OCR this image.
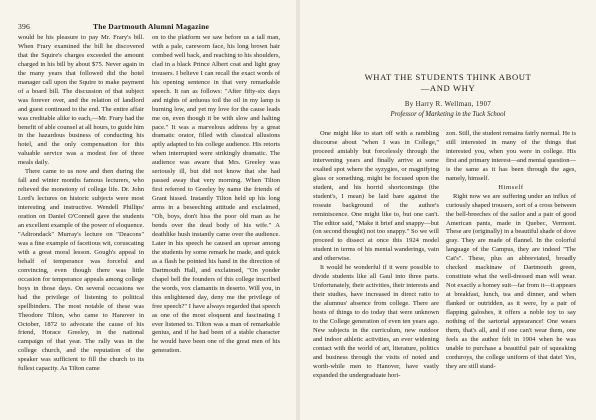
396	The Dartmouth Alumni Magazine

would be his pleasure to pay Mr. Frary's bill. When Frary examined the bill he discovered that the Squire's charges exceeded the amount charged in his bill by about $75. Never again in the many years that followed did the hotel manager call upon the Squire to make payment of a board bill. The discussion of that subject was forever over, and the relation of landlord and guest continued to the end. The entire affair was creditable alike to each,—Mr. Frary had the benefit of able counsel at all hours, to guide him in the hazardous business of conducting his hotel, and the only compensation for this valuable service was a modest fee of three meals daily.

There came to us now and then during the fall and winter months famous lecturers, who relieved the monotony of college life. Dr. John Lord's lectures on historic subjects were most interesting and instructive. Wendell Phillips' oration on Daniel O'Connell gave the students an excellent example of the power of eloquence. "Adirondack" Murray's lecture on "Deacons" was a fine example of facetious wit, coruscating with a great moral lesson. Gough's appeal in behalf of temperance was forceful and convincing, even though there was little occasion for temperance appeals among college boys in those days. On several occasions we had the privilege of listening to political spellbinders. The most notable of these was Theodore Tilton, who came to Hanover in October, 1872 to advocate the cause of his friend, Horace Greeley, in the national campaign of that year. The rally was in the college church, and the reputation of the speaker was sufficient to fill the church to its fullest capacity. As Tilton came

on to the platform we saw before us a tall man, with a pale, careworn face, his long brown hair combed well back, and reaching to his shoulders, clad in a black Prince Albert coat and light gray trousers. I believe I can recall the exact words of his opening sentence in that very remarkable speech. It ran as follows: "After fifty-six days and nights of arduous toil the oil in my lamp is burning low, and yet my love for the cause leads me on, even though it be with slow and halting pace." It was a marvelous address by a great dramatic orator, filled with classical allusions aptly adapted to his college audience. His retorts when interrupted were strikingly dramatic. The audience was aware that Mrs. Greeley was seriously ill, but did not know that she had passed away that very morning. When Tilton first referred to Greeley by name the friends of Grant hissed. Instantly Tilton held up his long arms in a beseeching attitude and exclaimed, "Oh, boys, don't hiss the poor old man as he bends over the dead body of his wife." A deathlike hush instantly came over the audience. Later in his speech he caused an uproar among the students by some remark he made, and quick as a flash he pointed his hand in the direction of Dartmouth Hall, and exclaimed, "On yonder chapel bell the founders of this college inscribed the words, vox clamantis in deserto. Will you, in this enlightened day, deny me the privilege of free speech?" I have always regarded that speech as one of the most eloquent and fascinating I ever listened to. Tilton was a man of remarkable genius, and if he had been of a stable character he would have been one of the great men of his generation.

WHAT THE STUDENTS THINK ABOUT
—AND WHY
By Harry R. Wellman, 1907
Professor of Marketing in the Tuck School

One might like to start off with a rambling discourse about "when I was in College," proceed amiably but forcelessly through the intervening years and finally arrive at some exalted spot where the syzygies, or magnifying glass or something, might be focused upon the student, and his horrid shortcomings (the student's, I mean) be laid bare against the roseate background of the author's reminiscence. One might like to, but one can't. The editor said, "Make it brief and snappy—but (on second thought) not too snappy." So we will proceed to dissect at once this 1924 model student in terms of his mental wanderings, vain and otherwise.

It would be wonderful if it were possible to divide students like all Gaul into three parts. Unfortunately, their activities, their interests and their studies, have increased in direct ratio to the alumnus' absence from college. There are hosts of things to do today that were unknown to the College generation of even ten years ago. New subjects in the curriculum, new outdoor and indoor athletic activities, an ever widening contact with the world of art, literature, politics and business through the visits of noted and worth-while men to Hanover, have vastly expanded the undergraduate hori-

zon. Still, the student remains fairly normal. He is still interested in many of the things that interested you, when you were in college. His first and primary interest—and mental question—is the same as it has been through the ages, namely, himself.

Himself

Right now we are suffering under an influx of curiously shaped trousers, sort of a cross between the bell-breeches of the sailor and a pair of good American pants, made in Quebec, Vermont. These are (originally) in a beautiful shade of dove gray. They are made of flannel. In the colorful language of the Campus, they are indeed "The Cat's". These, plus an abbreviated, broadly checked mackinaw of Dartmouth green, constitute what the well-dressed man will wear. Not exactly a homey suit—far from it—it appears at breakfast, lunch, tea and dinner, and when flanked or outridden, as it were, by a pair of flapping galoshes, it offers a noble toy to say nothing of the sartorial appearance! One wears them, that's all, and if one can't wear them, one feels as the author felt in 1904 when he was unable to purchase a beautiful pair of squeaking corduroys, the college uniform of that date! Yes, they are still stand-
